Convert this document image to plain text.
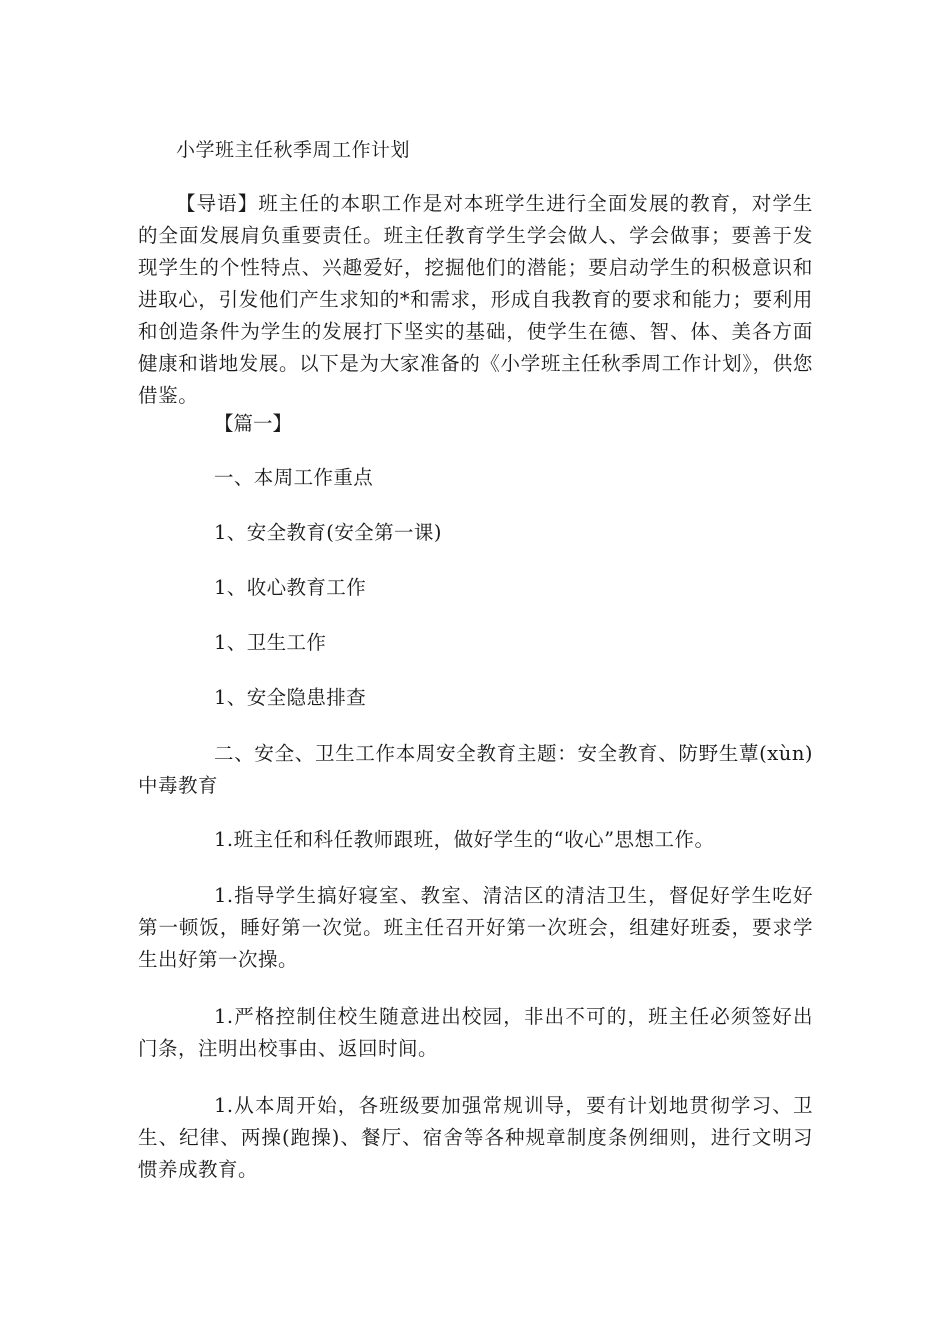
小学班主任秋季周工作计划
【导语】班主任的本职工作是对本班学生进行全面发展的教育，对学生的全面发展肩负重要责任。班主任教育学生学会做人、学会做事；要善于发现学生的个性特点、兴趣爱好，挖掘他们的潜能；要启动学生的积极意识和进取心，引发他们产生求知的*和需求，形成自我教育的要求和能力；要利用和创造条件为学生的发展打下坚实的基础，使学生在德、智、体、美各方面健康和谐地发展。以下是为大家准备的《小学班主任秋季周工作计划》，供您借鉴。
【篇一】
一、本周工作重点
1、安全教育(安全第一课)
1、收心教育工作
1、卫生工作
1、安全隐患排查
二、安全、卫生工作本周安全教育主题：安全教育、防野生蕈(xùn)中毒教育
1.班主任和科任教师跟班，做好学生的“收心”思想工作。
1.指导学生搞好寝室、教室、清洁区的清洁卫生，督促好学生吃好第一顿饭，睡好第一次觉。班主任召开好第一次班会，组建好班委，要求学生出好第一次操。
1.严格控制住校生随意进出校园，非出不可的，班主任必须签好出门条，注明出校事由、返回时间。
1.从本周开始，各班级要加强常规训导，要有计划地贯彻学习、卫生、纪律、两操(跑操)、餐厅、宿舍等各种规章制度条例细则，进行文明习惯养成教育。
